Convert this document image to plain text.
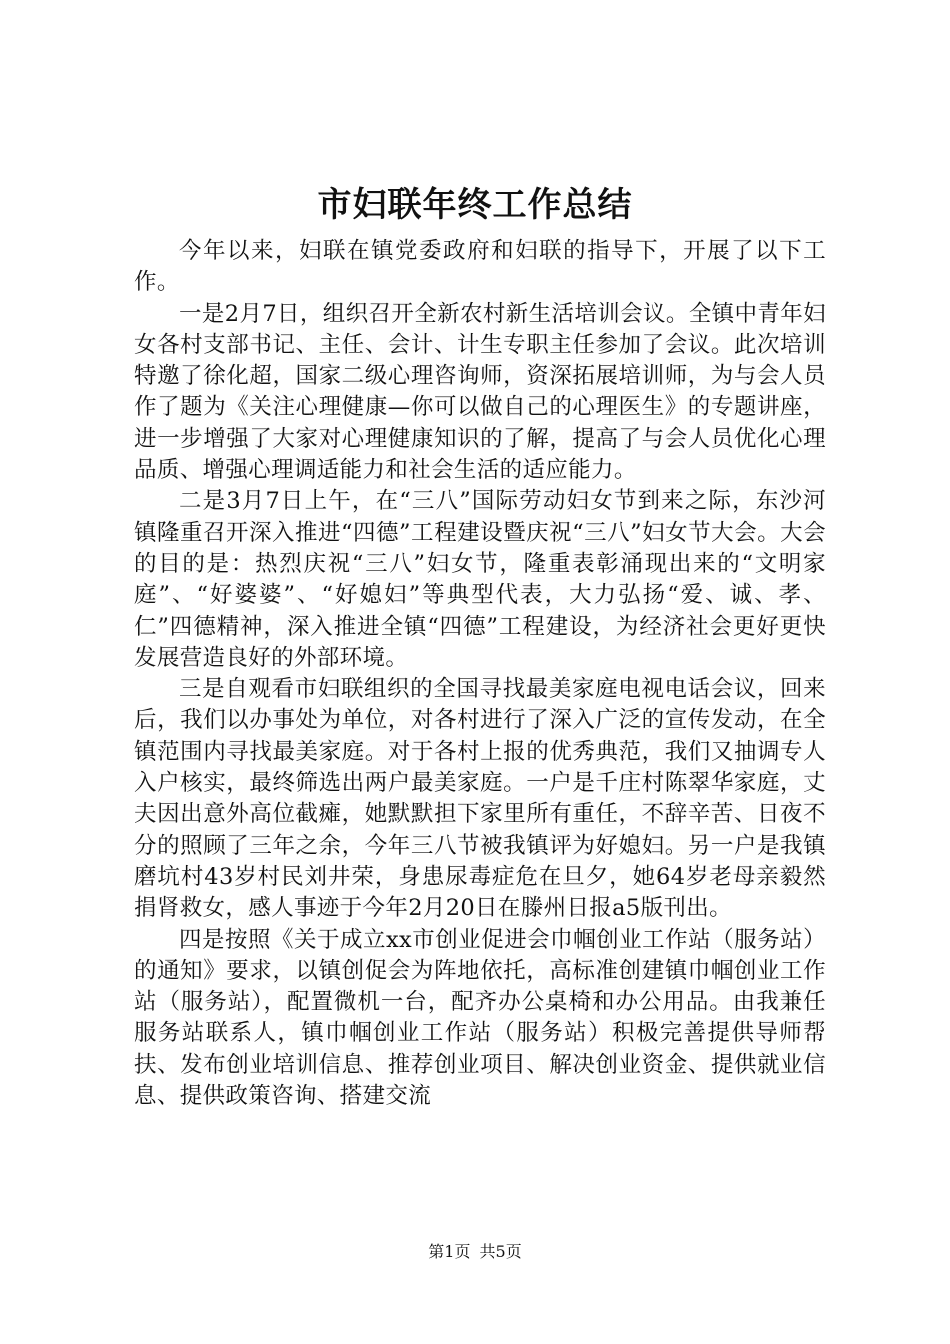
市妇联年终工作总结

今年以来，妇联在镇党委政府和妇联的指导下，开展了以下工作。

一是2月7日，组织召开全新农村新生活培训会议。全镇中青年妇女各村支部书记、主任、会计、计生专职主任参加了会议。此次培训特邀了徐化超，国家二级心理咨询师，资深拓展培训师，为与会人员作了题为《关注心理健康—你可以做自己的心理医生》的专题讲座，进一步增强了大家对心理健康知识的了解，提高了与会人员优化心理品质、增强心理调适能力和社会生活的适应能力。

二是3月7日上午，在“三八”国际劳动妇女节到来之际，东沙河镇隆重召开深入推进“四德”工程建设暨庆祝“三八”妇女节大会。大会的目的是：热烈庆祝“三八”妇女节，隆重表彰涌现出来的“文明家庭”、“好婆婆”、“好媳妇”等典型代表，大力弘扬“爱、诚、孝、仁”四德精神，深入推进全镇“四德”工程建设，为经济社会更好更快发展营造良好的外部环境。

三是自观看市妇联组织的全国寻找最美家庭电视电话会议，回来后，我们以办事处为单位，对各村进行了深入广泛的宣传发动，在全镇范围内寻找最美家庭。对于各村上报的优秀典范，我们又抽调专人入户核实，最终筛选出两户最美家庭。一户是千庄村陈翠华家庭，丈夫因出意外高位截瘫，她默默担下家里所有重任，不辞辛苦、日夜不分的照顾了三年之余，今年三八节被我镇评为好媳妇。另一户是我镇磨坑村43岁村民刘井荣，身患尿毒症危在旦夕，她64岁老母亲毅然捐肾救女，感人事迹于今年2月20日在滕州日报a5版刊出。

四是按照《关于成立xx市创业促进会巾帼创业工作站（服务站）的通知》要求，以镇创促会为阵地依托，高标准创建镇巾帼创业工作站（服务站），配置微机一台，配齐办公桌椅和办公用品。由我兼任服务站联系人，镇巾帼创业工作站（服务站）积极完善提供导师帮扶、发布创业培训信息、推荐创业项目、解决创业资金、提供就业信息、提供政策咨询、搭建交流

第1页 共5页
